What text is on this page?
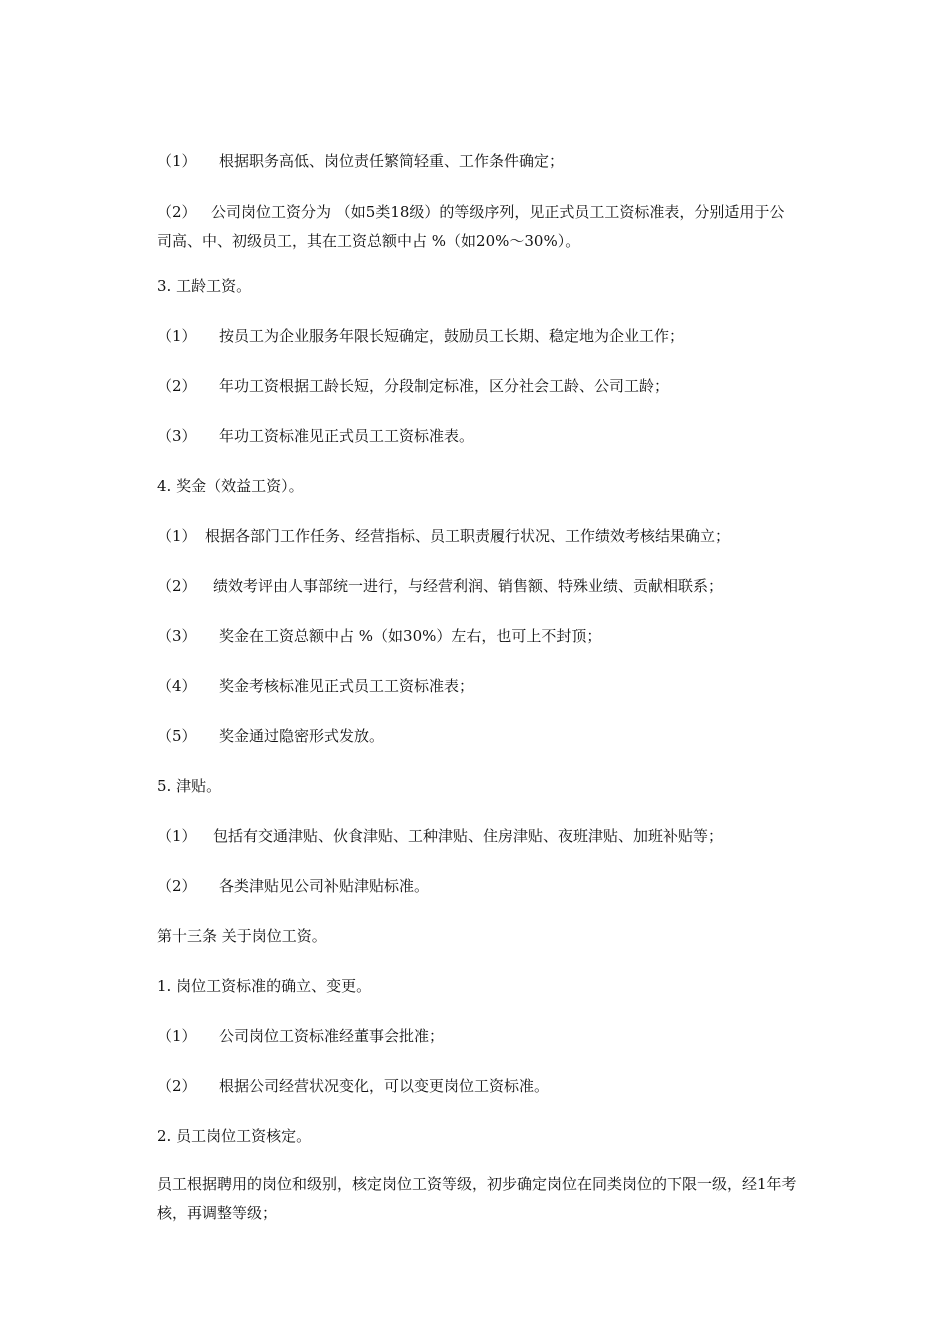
（1） 根据职务高低、岗位责任繁简轻重、工作条件确定；
（2） 公司岗位工资分为 （如5类18级）的等级序列，见正式员工工资标准表，分别适用于公司高、中、初级员工，其在工资总额中占 %（如20%～30%）。
3. 工龄工资。
（1） 按员工为企业服务年限长短确定，鼓励员工长期、稳定地为企业工作；
（2） 年功工资根据工龄长短，分段制定标准，区分社会工龄、公司工龄；
（3） 年功工资标准见正式员工工资标准表。
4. 奖金（效益工资）。
（1） 根据各部门工作任务、经营指标、员工职责履行状况、工作绩效考核结果确立；
（2） 绩效考评由人事部统一进行，与经营利润、销售额、特殊业绩、贡献相联系；
（3） 奖金在工资总额中占 %（如30%）左右，也可上不封顶；
（4） 奖金考核标准见正式员工工资标准表；
（5） 奖金通过隐密形式发放。
5. 津贴。
（1） 包括有交通津贴、伙食津贴、工种津贴、住房津贴、夜班津贴、加班补贴等；
（2） 各类津贴见公司补贴津贴标准。
第十三条 关于岗位工资。
1. 岗位工资标准的确立、变更。
（1） 公司岗位工资标准经董事会批准；
（2） 根据公司经营状况变化，可以变更岗位工资标准。
2. 员工岗位工资核定。
员工根据聘用的岗位和级别，核定岗位工资等级，初步确定岗位在同类岗位的下限一级，经1年考核，再调整等级；
